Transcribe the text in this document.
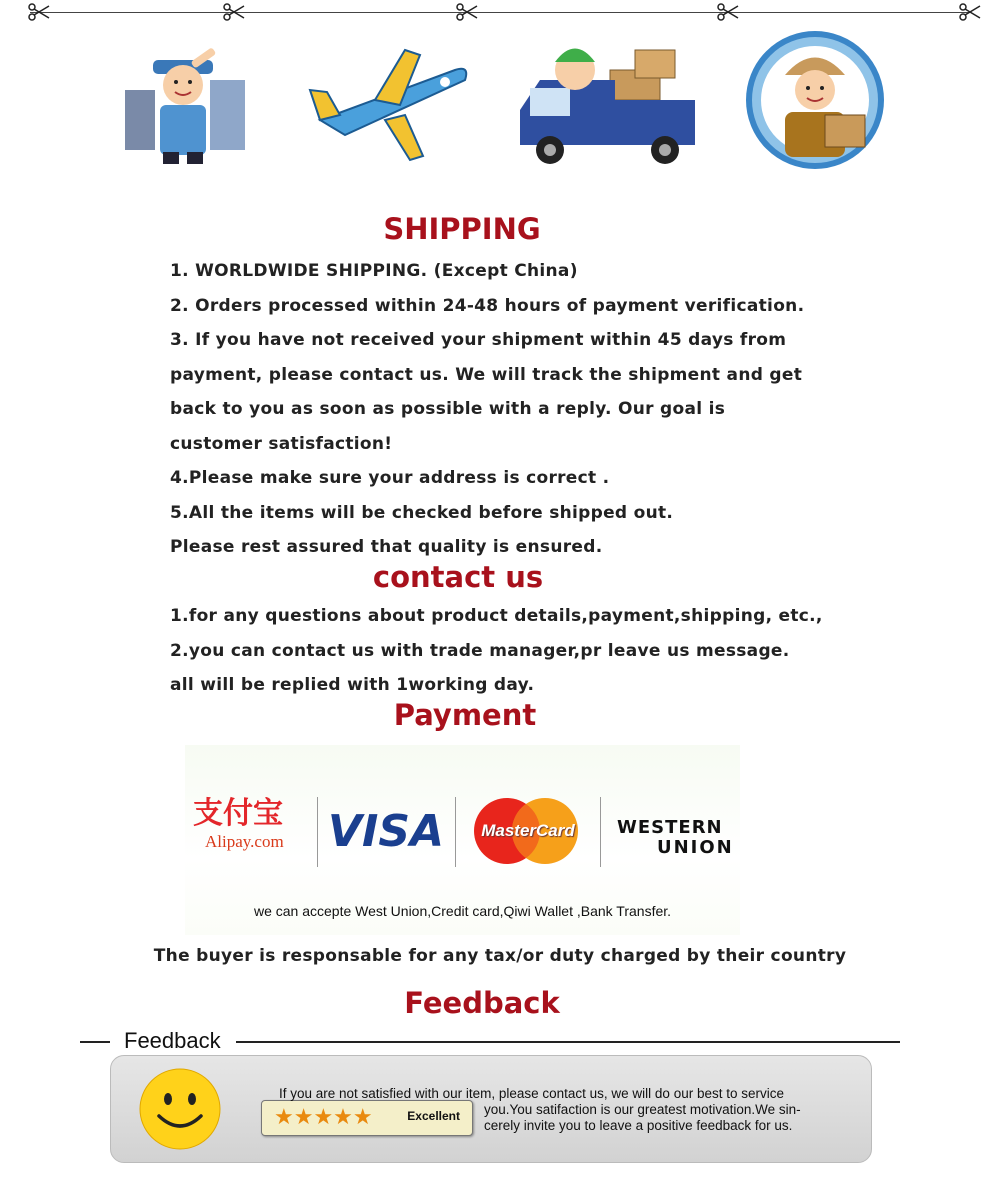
SHIPPING
1. WORLDWIDE SHIPPING. (Except China)
2. Orders processed within 24-48 hours of payment verification.
3. If you have not received your shipment within 45 days from
payment, please contact us. We will track the shipment and get
back to you as soon as possible with a reply. Our goal is
customer satisfaction!
4.Please make sure your address is correct .
5.All the items will be checked before shipped out.
Please rest assured that quality is ensured.
contact us
1.for any questions about product details,payment,shipping, etc.,
2.you can contact us with trade manager,pr leave us message.
all will be replied with 1working day.
Payment
支付宝
Alipay.com	VISA	MasterCard	WESTERN
UNION
we can accepte West Union,Credit card,Qiwi Wallet ,Bank Transfer.
The buyer is responsable for any tax/or duty charged by their country
Feedback
Feedback
★★★★★	Excellent
If you are not satisfied with our item, please contact us, we will do our best to service
you.You satifaction is our greatest motivation.We sin-
cerely invite you to leave a positive feedback for us.
